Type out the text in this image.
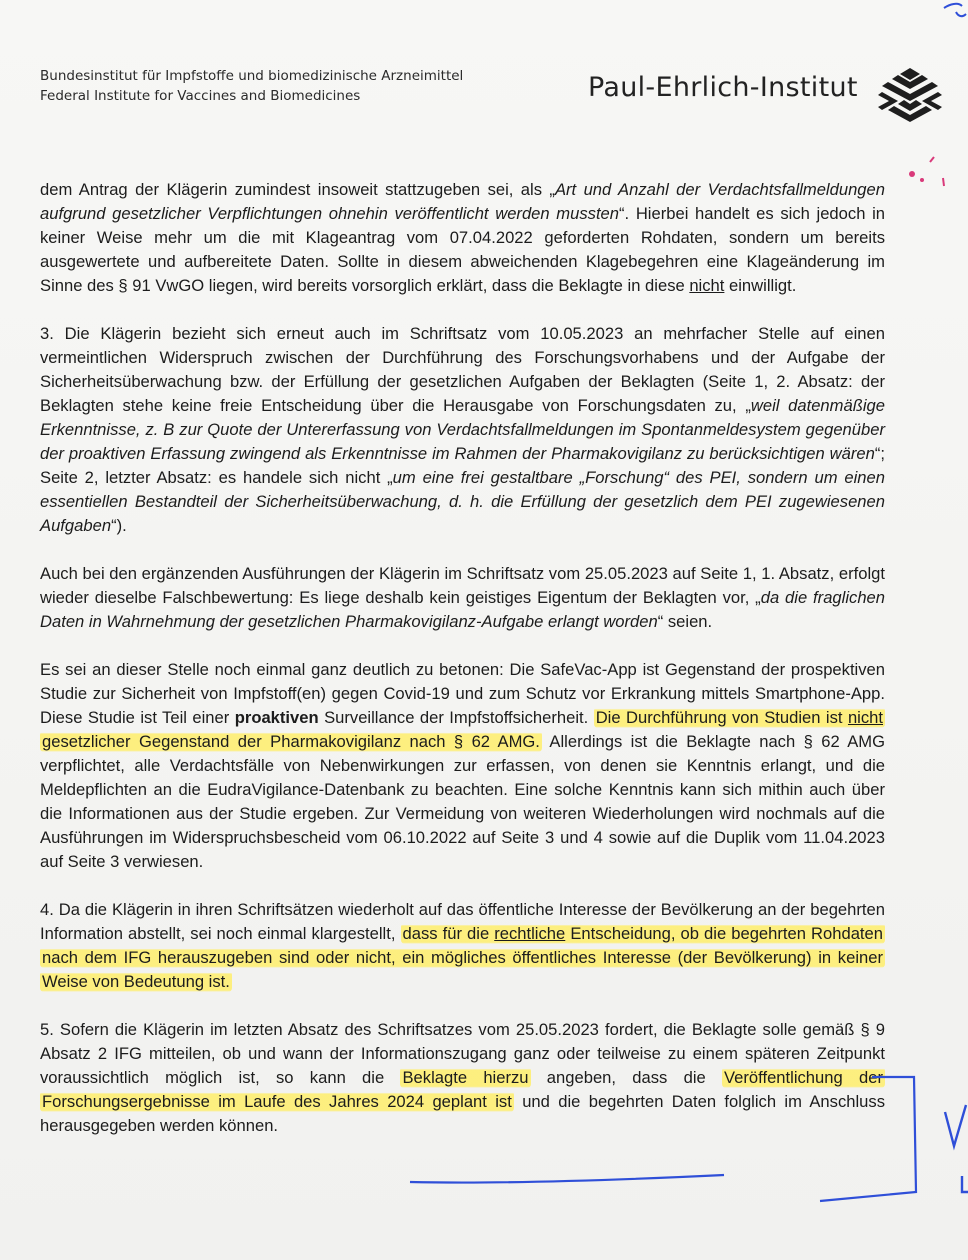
Bundesinstitut für Impfstoffe und biomedizinische Arzneimittel
Federal Institute for Vaccines and Biomedicines	Paul-Ehrlich-Institut

dem Antrag der Klägerin zumindest insoweit stattzugeben sei, als „Art und Anzahl der Verdachtsfallmeldungen aufgrund gesetzlicher Verpflichtungen ohnehin veröffentlicht werden mussten“. Hierbei handelt es sich jedoch in keiner Weise mehr um die mit Klageantrag vom 07.04.2022 geforderten Rohdaten, sondern um bereits ausgewertete und aufbereitete Daten. Sollte in diesem abweichenden Klagebegehren eine Klageänderung im Sinne des § 91 VwGO liegen, wird bereits vorsorglich erklärt, dass die Beklagte in diese nicht einwilligt.

3. Die Klägerin bezieht sich erneut auch im Schriftsatz vom 10.05.2023 an mehrfacher Stelle auf einen vermeintlichen Widerspruch zwischen der Durchführung des Forschungsvorhabens und der Aufgabe der Sicherheitsüberwachung bzw. der Erfüllung der gesetzlichen Aufgaben der Beklagten (Seite 1, 2. Absatz: der Beklagten stehe keine freie Entscheidung über die Herausgabe von Forschungsdaten zu, „weil datenmäßige Erkenntnisse, z. B zur Quote der Untererfassung von Verdachtsfallmeldungen im Spontanmeldesystem gegenüber der proaktiven Erfassung zwingend als Erkenntnisse im Rahmen der Pharmakovigilanz zu berücksichtigen wären“; Seite 2, letzter Absatz: es handele sich nicht „um eine frei gestaltbare „Forschung“ des PEI, sondern um einen essentiellen Bestandteil der Sicherheitsüberwachung, d. h. die Erfüllung der gesetzlich dem PEI zugewiesenen Aufgaben“).

Auch bei den ergänzenden Ausführungen der Klägerin im Schriftsatz vom 25.05.2023 auf Seite 1, 1. Absatz, erfolgt wieder dieselbe Falschbewertung: Es liege deshalb kein geistiges Eigentum der Beklagten vor, „da die fraglichen Daten in Wahrnehmung der gesetzlichen Pharmakovigilanz-Aufgabe erlangt worden“ seien.

Es sei an dieser Stelle noch einmal ganz deutlich zu betonen: Die SafeVac-App ist Gegenstand der prospektiven Studie zur Sicherheit von Impfstoff(en) gegen Covid-19 und zum Schutz vor Erkrankung mittels Smartphone-App. Diese Studie ist Teil einer proaktiven Surveillance der Impfstoffsicherheit. Die Durchführung von Studien ist nicht gesetzlicher Gegenstand der Pharmakovigilanz nach § 62 AMG. Allerdings ist die Beklagte nach § 62 AMG verpflichtet, alle Verdachtsfälle von Nebenwirkungen zur erfassen, von denen sie Kenntnis erlangt, und die Meldepflichten an die EudraVigilance-Datenbank zu beachten. Eine solche Kenntnis kann sich mithin auch über die Informationen aus der Studie ergeben. Zur Vermeidung von weiteren Wiederholungen wird nochmals auf die Ausführungen im Widerspruchsbescheid vom 06.10.2022 auf Seite 3 und 4 sowie auf die Duplik vom 11.04.2023 auf Seite 3 verwiesen.

4. Da die Klägerin in ihren Schriftsätzen wiederholt auf das öffentliche Interesse der Bevölkerung an der begehrten Information abstellt, sei noch einmal klargestellt, dass für die rechtliche Entscheidung, ob die begehrten Rohdaten nach dem IFG herauszugeben sind oder nicht, ein mögliches öffentliches Interesse (der Bevölkerung) in keiner Weise von Bedeutung ist.

5. Sofern die Klägerin im letzten Absatz des Schriftsatzes vom 25.05.2023 fordert, die Beklagte solle gemäß § 9 Absatz 2 IFG mitteilen, ob und wann der Informationszugang ganz oder teilweise zu einem späteren Zeitpunkt voraussichtlich möglich ist, so kann die Beklagte hierzu angeben, dass die Veröffentlichung der Forschungsergebnisse im Laufe des Jahres 2024 geplant ist und die begehrten Daten folglich im Anschluss herausgegeben werden können.
